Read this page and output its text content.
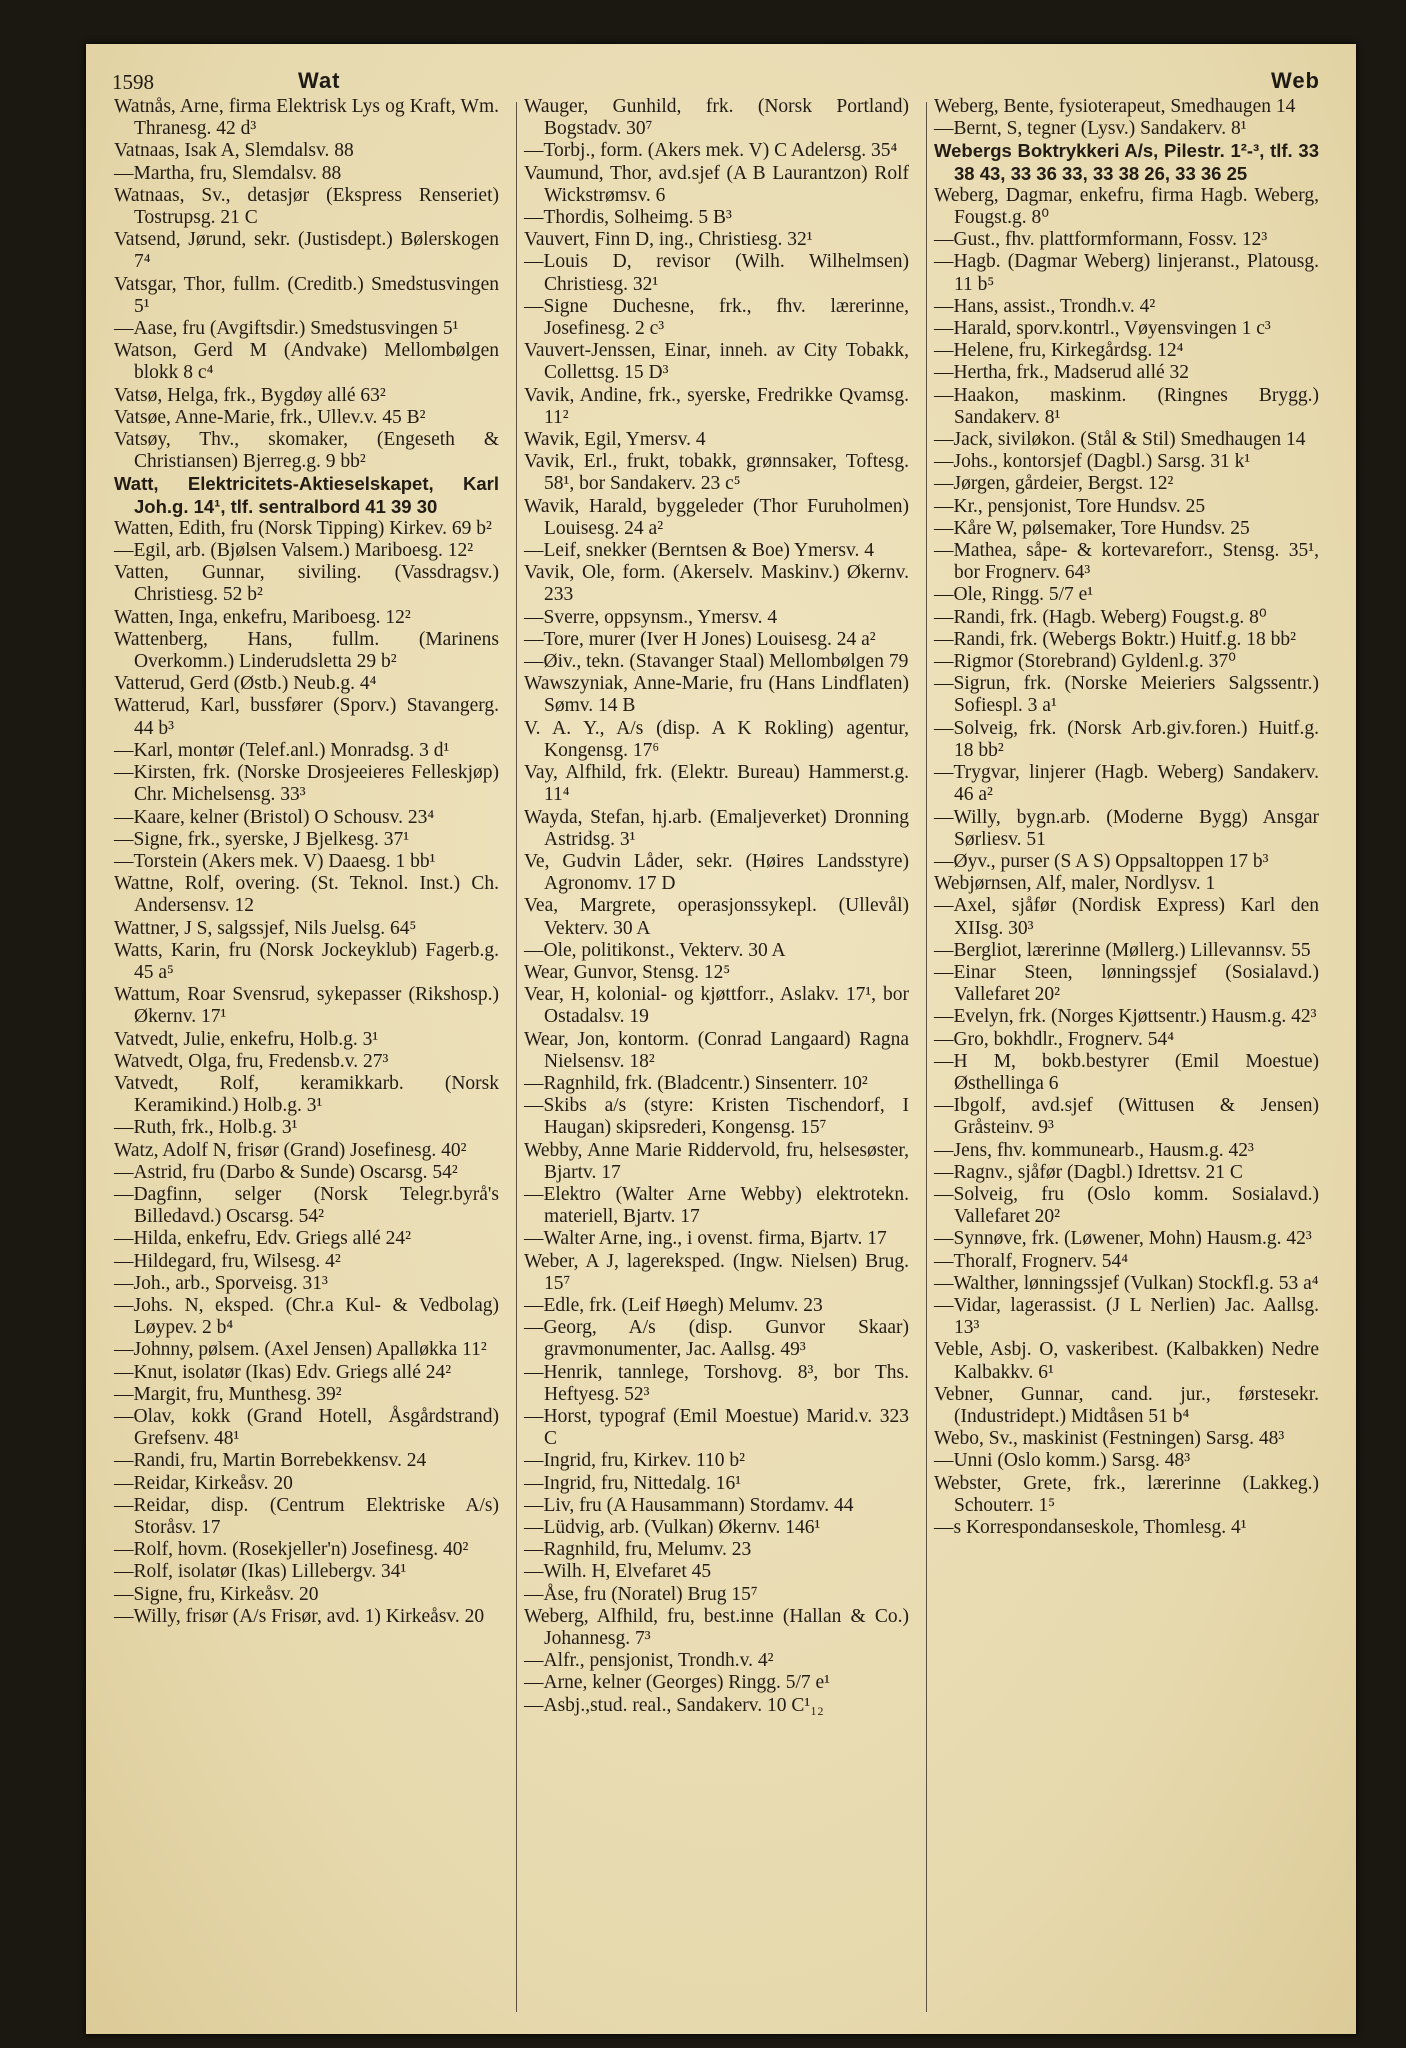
1598	Wat	Web

Watnås, Arne, firma Elektrisk Lys og Kraft, Wm. Thranesg. 42 d³

Vatnaas, Isak A, Slemdalsv. 88

—Martha, fru, Slemdalsv. 88

Watnaas, Sv., detasjør (Ekspress Renseriet) Tostrupsg. 21 C

Vatsend, Jørund, sekr. (Justisdept.) Bølerskogen 7⁴

Vatsgar, Thor, fullm. (Creditb.) Smedstusvingen 5¹

—Aase, fru (Avgiftsdir.) Smedstusvingen 5¹

Watson, Gerd M (Andvake) Mellombølgen blokk 8 c⁴

Vatsø, Helga, frk., Bygdøy allé 63²

Vatsøe, Anne-Marie, frk., Ullev.v. 45 B²

Vatsøy, Thv., skomaker, (Engeseth & Christiansen) Bjerreg.g. 9 bb²

Watt, Elektricitets-Aktieselskapet, Karl Joh.g. 14¹, tlf. sentralbord 41 39 30

Watten, Edith, fru (Norsk Tipping) Kirkev. 69 b²

—Egil, arb. (Bjølsen Valsem.) Mariboesg. 12²

Vatten, Gunnar, siviling. (Vassdragsv.) Christiesg. 52 b²

Watten, Inga, enkefru, Mariboesg. 12²

Wattenberg, Hans, fullm. (Marinens Overkomm.) Linderudsletta 29 b²

Vatterud, Gerd (Østb.) Neub.g. 4⁴

Watterud, Karl, bussfører (Sporv.) Stavangerg. 44 b³

—Karl, montør (Telef.anl.) Monradsg. 3 d¹

—Kirsten, frk. (Norske Drosjeeieres Felleskjøp) Chr. Michelsensg. 33³

—Kaare, kelner (Bristol) O Schousv. 23⁴

—Signe, frk., syerske, J Bjelkesg. 37¹

—Torstein (Akers mek. V) Daaesg. 1 bb¹

Wattne, Rolf, overing. (St. Teknol. Inst.) Ch. Andersensv. 12

Wattner, J S, salgssjef, Nils Juelsg. 64⁵

Watts, Karin, fru (Norsk Jockeyklub) Fagerb.g. 45 a⁵

Wattum, Roar Svensrud, sykepasser (Rikshosp.) Økernv. 17¹

Vatvedt, Julie, enkefru, Holb.g. 3¹

Watvedt, Olga, fru, Fredensb.v. 27³

Vatvedt, Rolf, keramikkarb. (Norsk Keramikind.) Holb.g. 3¹

—Ruth, frk., Holb.g. 3¹

Watz, Adolf N, frisør (Grand) Josefinesg. 40²

—Astrid, fru (Darbo & Sunde) Oscarsg. 54²

—Dagfinn, selger (Norsk Telegr.byrå's Billedavd.) Oscarsg. 54²

—Hilda, enkefru, Edv. Griegs allé 24²

—Hildegard, fru, Wilsesg. 4²

—Joh., arb., Sporveisg. 31³

—Johs. N, eksped. (Chr.a Kul- & Vedbolag) Løypev. 2 b⁴

—Johnny, pølsem. (Axel Jensen) Apalløkka 11²

—Knut, isolatør (Ikas) Edv. Griegs allé 24²

—Margit, fru, Munthesg. 39²

—Olav, kokk (Grand Hotell, Åsgårdstrand) Grefsenv. 48¹

—Randi, fru, Martin Borrebekkensv. 24

—Reidar, Kirkeåsv. 20

—Reidar, disp. (Centrum Elektriske A/s) Storåsv. 17

—Rolf, hovm. (Rosekjeller'n) Josefinesg. 40²

—Rolf, isolatør (Ikas) Lillebergv. 34¹

—Signe, fru, Kirkeåsv. 20

—Willy, frisør (A/s Frisør, avd. 1) Kirkeåsv. 20

Wauger, Gunhild, frk. (Norsk Portland) Bogstadv. 30⁷

—Torbj., form. (Akers mek. V) C Adelersg. 35⁴

Vaumund, Thor, avd.sjef (A B Laurantzon) Rolf Wickstrømsv. 6

—Thordis, Solheimg. 5 B³

Vauvert, Finn D, ing., Christiesg. 32¹

—Louis D, revisor (Wilh. Wilhelmsen) Christiesg. 32¹

—Signe Duchesne, frk., fhv. lærerinne, Josefinesg. 2 c³

Vauvert-Jenssen, Einar, inneh. av City Tobakk, Collettsg. 15 D³

Vavik, Andine, frk., syerske, Fredrikke Qvamsg. 11²

Wavik, Egil, Ymersv. 4

Vavik, Erl., frukt, tobakk, grønnsaker, Toftesg. 58¹, bor Sandakerv. 23 c⁵

Wavik, Harald, byggeleder (Thor Furuholmen) Louisesg. 24 a²

—Leif, snekker (Berntsen & Boe) Ymersv. 4

Vavik, Ole, form. (Akerselv. Maskinv.) Økernv. 233

—Sverre, oppsynsm., Ymersv. 4

—Tore, murer (Iver H Jones) Louisesg. 24 a²

—Øiv., tekn. (Stavanger Staal) Mellombølgen 79

Wawszyniak, Anne-Marie, fru (Hans Lindflaten) Sømv. 14 B

V. A. Y., A/s (disp. A K Rokling) agentur, Kongensg. 17⁶

Vay, Alfhild, frk. (Elektr. Bureau) Hammerst.g. 11⁴

Wayda, Stefan, hj.arb. (Emaljeverket) Dronning Astridsg. 3¹

Ve, Gudvin Låder, sekr. (Høires Landsstyre) Agronomv. 17 D

Vea, Margrete, operasjonssykepl. (Ullevål) Vekterv. 30 A

—Ole, politikonst., Vekterv. 30 A

Wear, Gunvor, Stensg. 12⁵

Vear, H, kolonial- og kjøttforr., Aslakv. 17¹, bor Ostadalsv. 19

Wear, Jon, kontorm. (Conrad Langaard) Ragna Nielsensv. 18²

—Ragnhild, frk. (Bladcentr.) Sinsenterr. 10²

—Skibs a/s (styre: Kristen Tischendorf, I Haugan) skipsrederi, Kongensg. 15⁷

Webby, Anne Marie Riddervold, fru, helsesøster, Bjartv. 17

—Elektro (Walter Arne Webby) elektrotekn. materiell, Bjartv. 17

—Walter Arne, ing., i ovenst. firma, Bjartv. 17

Weber, A J, lagereksped. (Ingw. Nielsen) Brug. 15⁷

—Edle, frk. (Leif Høegh) Melumv. 23

—Georg, A/s (disp. Gunvor Skaar) gravmonumenter, Jac. Aallsg. 49³

—Henrik, tannlege, Torshovg. 8³, bor Ths. Heftyesg. 52³

—Horst, typograf (Emil Moestue) Marid.v. 323 C

—Ingrid, fru, Kirkev. 110 b²

—Ingrid, fru, Nittedalg. 16¹

—Liv, fru (A Hausammann) Stordamv. 44

—Lüdvig, arb. (Vulkan) Økernv. 146¹

—Ragnhild, fru, Melumv. 23

—Wilh. H, Elvefaret 45

—Åse, fru (Noratel) Brug 15⁷

Weberg, Alfhild, fru, best.inne (Hallan & Co.) Johannesg. 7³

—Alfr., pensjonist, Trondh.v. 4²

—Arne, kelner (Georges) Ringg. 5/7 e¹

—Asbj.,stud. real., Sandakerv. 10 C¹₁₂

Weberg, Bente, fysioterapeut, Smedhaugen 14

—Bernt, S, tegner (Lysv.) Sandakerv. 8¹

Webergs Boktrykkeri A/s, Pilestr. 1²-³, tlf. 33 38 43, 33 36 33, 33 38 26, 33 36 25

Weberg, Dagmar, enkefru, firma Hagb. Weberg, Fougst.g. 8⁰

—Gust., fhv. plattformformann, Fossv. 12³

—Hagb. (Dagmar Weberg) linjeranst., Platousg. 11 b⁵

—Hans, assist., Trondh.v. 4²

—Harald, sporv.kontrl., Vøyensvingen 1 c³

—Helene, fru, Kirkegårdsg. 12⁴

—Hertha, frk., Madserud allé 32

—Haakon, maskinm. (Ringnes Brygg.) Sandakerv. 8¹

—Jack, siviløkon. (Stål & Stil) Smedhaugen 14

—Johs., kontorsjef (Dagbl.) Sarsg. 31 k¹

—Jørgen, gårdeier, Bergst. 12²

—Kr., pensjonist, Tore Hundsv. 25

—Kåre W, pølsemaker, Tore Hundsv. 25

—Mathea, såpe- & kortevareforr., Stensg. 35¹, bor Frognerv. 64³

—Ole, Ringg. 5/7 e¹

—Randi, frk. (Hagb. Weberg) Fougst.g. 8⁰

—Randi, frk. (Webergs Boktr.) Huitf.g. 18 bb²

—Rigmor (Storebrand) Gyldenl.g. 37⁰

—Sigrun, frk. (Norske Meieriers Salgssentr.) Sofiespl. 3 a¹

—Solveig, frk. (Norsk Arb.giv.foren.) Huitf.g. 18 bb²

—Trygvar, linjerer (Hagb. Weberg) Sandakerv. 46 a²

—Willy, bygn.arb. (Moderne Bygg) Ansgar Sørliesv. 51

—Øyv., purser (S A S) Oppsaltoppen 17 b³

Webjørnsen, Alf, maler, Nordlysv. 1

—Axel, sjåfør (Nordisk Express) Karl den XIIsg. 30³

—Bergliot, lærerinne (Møllerg.) Lillevannsv. 55

—Einar Steen, lønningssjef (Sosialavd.) Vallefaret 20²

—Evelyn, frk. (Norges Kjøttsentr.) Hausm.g. 42³

—Gro, bokhdlr., Frognerv. 54⁴

—H M, bokb.bestyrer (Emil Moestue) Østhellinga 6

—Ibgolf, avd.sjef (Wittusen & Jensen) Gråsteinv. 9³

—Jens, fhv. kommunearb., Hausm.g. 42³

—Ragnv., sjåfør (Dagbl.) Idrettsv. 21 C

—Solveig, fru (Oslo komm. Sosialavd.) Vallefaret 20²

—Synnøve, frk. (Løwener, Mohn) Hausm.g. 42³

—Thoralf, Frognerv. 54⁴

—Walther, lønningssjef (Vulkan) Stockfl.g. 53 a⁴

—Vidar, lagerassist. (J L Nerlien) Jac. Aallsg. 13³

Veble, Asbj. O, vaskeribest. (Kalbakken) Nedre Kalbakkv. 6¹

Vebner, Gunnar, cand. jur., førstesekr. (Industridept.) Midtåsen 51 b⁴

Webo, Sv., maskinist (Festningen) Sarsg. 48³

—Unni (Oslo komm.) Sarsg. 48³

Webster, Grete, frk., lærerinne (Lakkeg.) Schouterr. 1⁵

—s Korrespondanseskole, Thomlesg. 4¹
